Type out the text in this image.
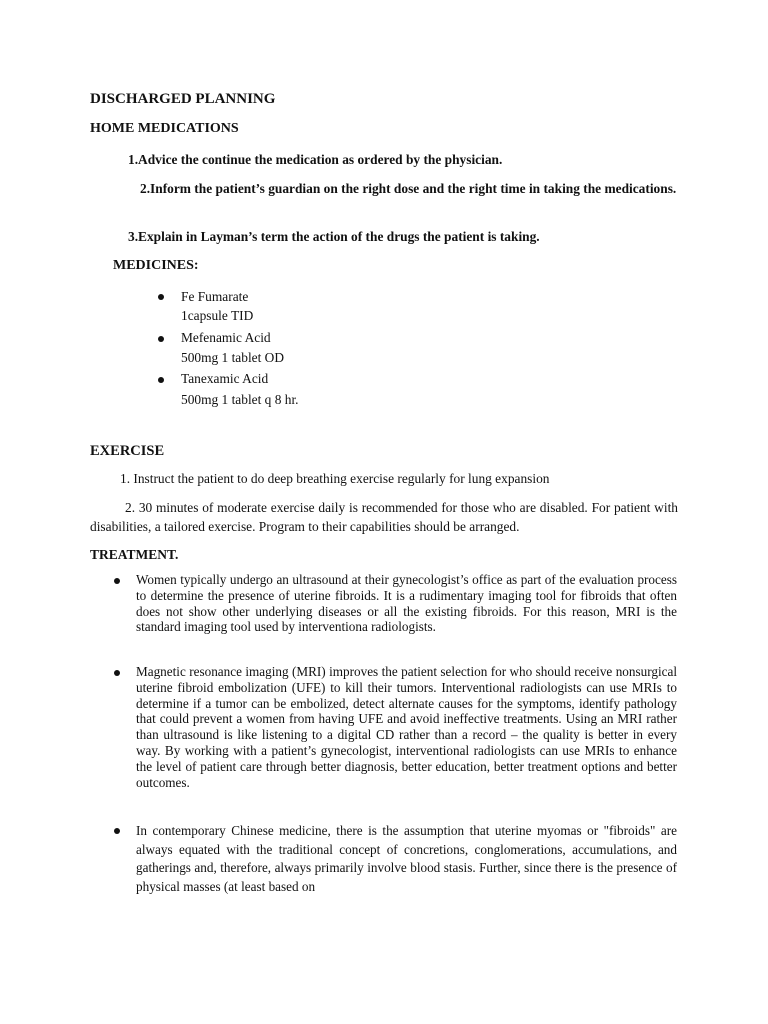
DISCHARGED PLANNING
HOME MEDICATIONS
1.Advice the continue the medication as ordered by the physician.
2.Inform the patient’s guardian on the right dose and the right time in taking the medications.
3.Explain in Layman’s term the action of the drugs the patient is taking.
MEDICINES:
Fe Fumarate
1capsule TID
Mefenamic Acid
500mg 1 tablet OD
Tanexamic Acid
500mg 1 tablet q 8 hr.
EXERCISE
1. Instruct the patient to do deep breathing exercise regularly for lung expansion
2. 30 minutes of moderate exercise daily is recommended for those who are disabled. For patient with disabilities, a tailored exercise. Program to their capabilities should be arranged.
TREATMENT.
Women typically undergo an ultrasound at their gynecologist’s office as part of the evaluation process to determine the presence of uterine fibroids. It is a rudimentary imaging tool for fibroids that often does not show other underlying diseases or all the existing fibroids. For this reason, MRI is the standard imaging tool used by interventiona radiologists.
Magnetic resonance imaging (MRI) improves the patient selection for who should receive nonsurgical uterine fibroid embolization (UFE) to kill their tumors. Interventional radiologists can use MRIs to determine if a tumor can be embolized, detect alternate causes for the symptoms, identify pathology that could prevent a women from having UFE and avoid ineffective treatments. Using an MRI rather than ultrasound is like listening to a digital CD rather than a record – the quality is better in every way. By working with a patient’s gynecologist, interventional radiologists can use MRIs to enhance the level of patient care through better diagnosis, better education, better treatment options and better outcomes.
In contemporary Chinese medicine, there is the assumption that uterine myomas or "fibroids" are always equated with the traditional concept of concretions, conglomerations, accumulations, and gatherings and, therefore, always primarily involve blood stasis. Further, since there is the presence of physical masses (at least based on
